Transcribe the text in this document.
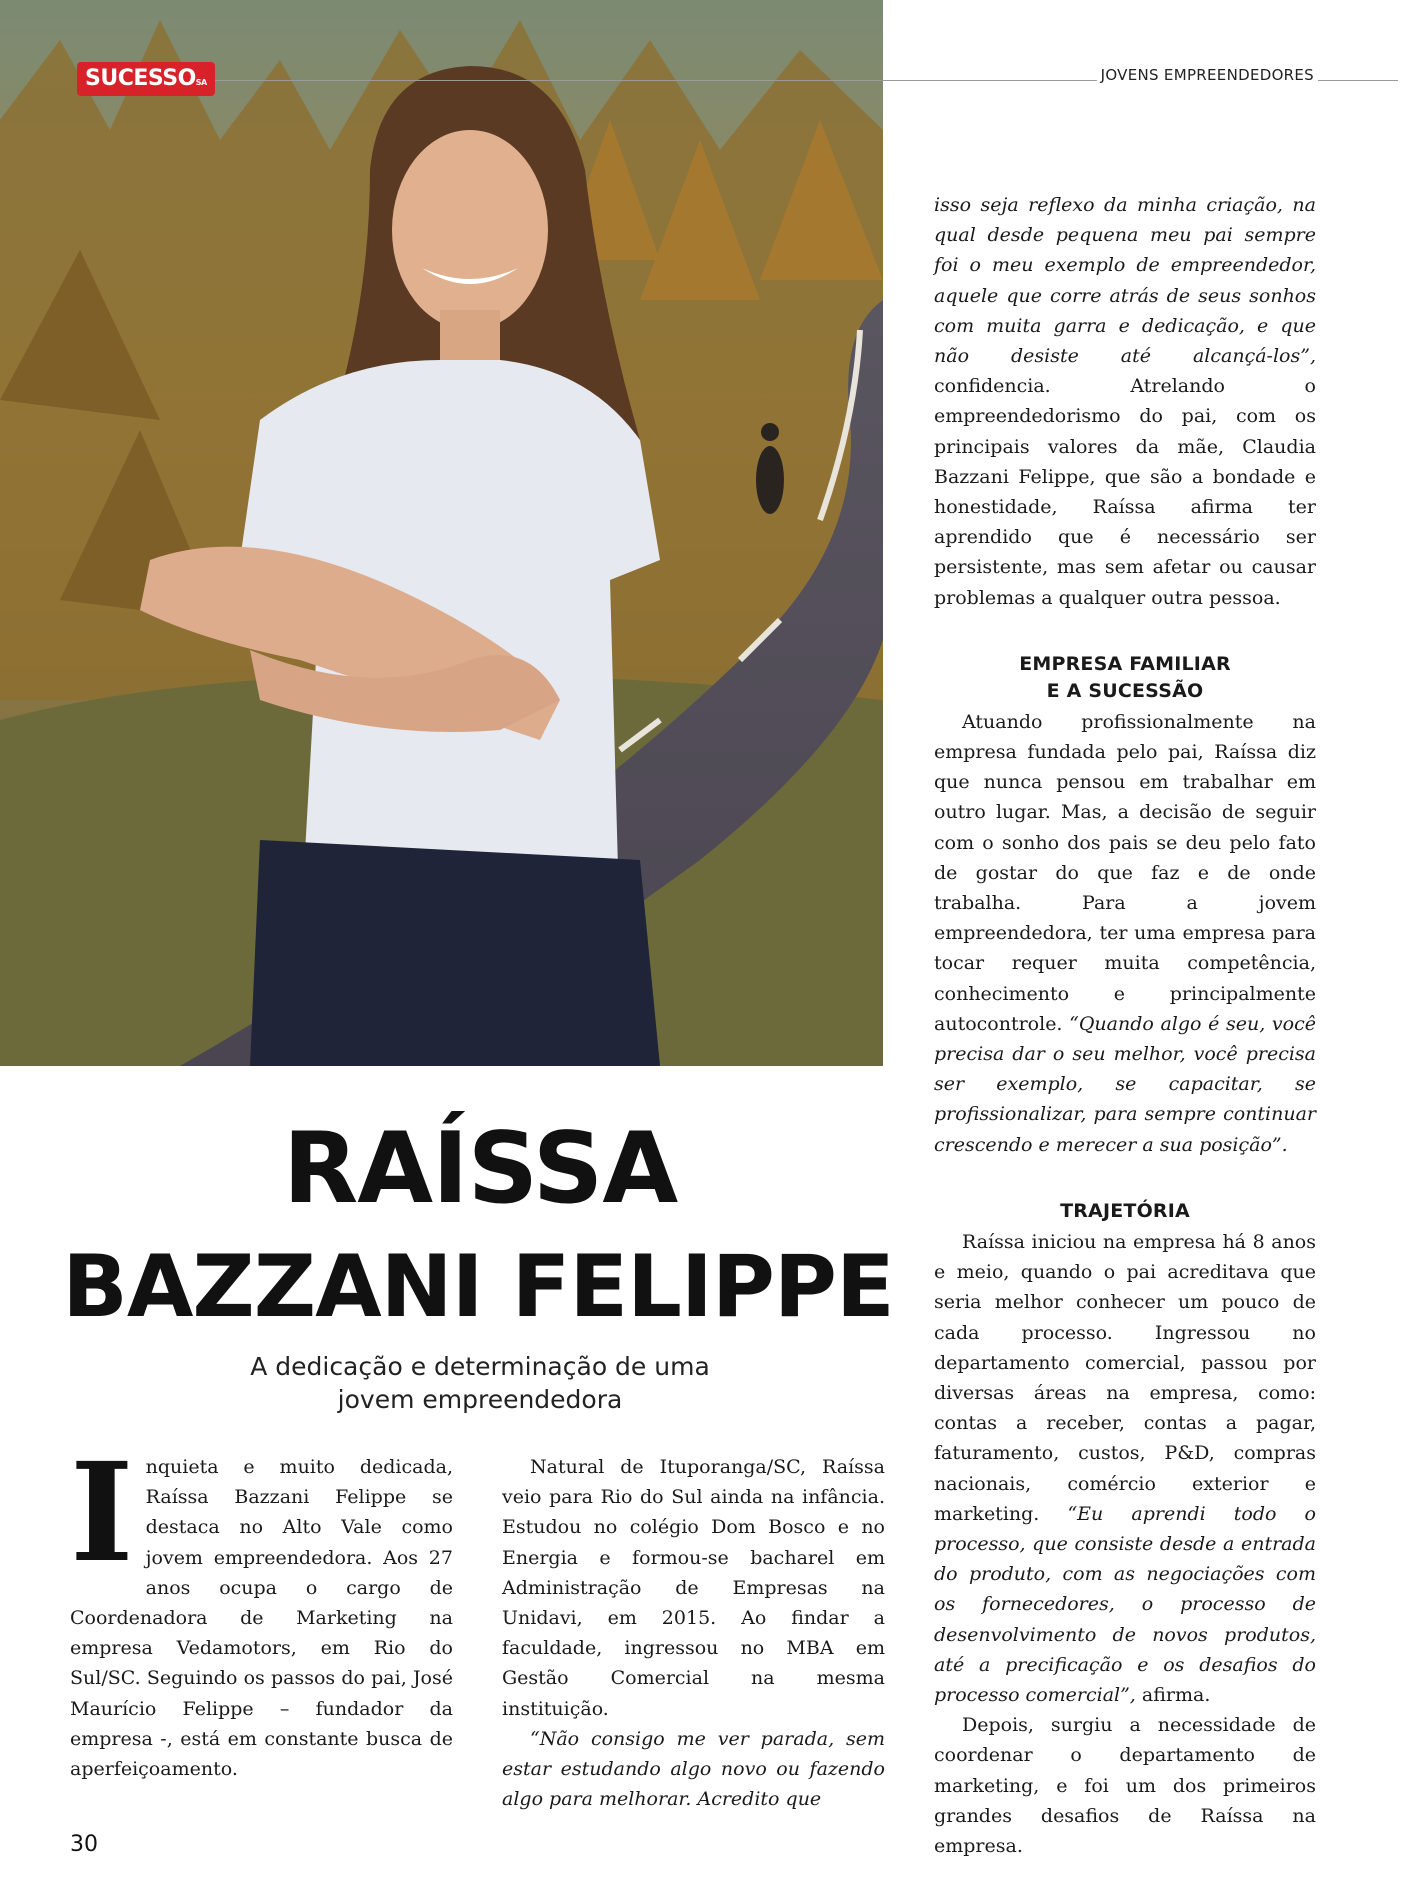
SUCESSOSA	JOVENS EMPREENDEDORES
RAÍSSA
BAZZANI FELIPPE
A dedicação e determinação de uma
jovem empreendedora

Inquieta e muito dedicada, Raíssa Bazzani Felippe se destaca no Alto Vale como jovem empreendedora. Aos 27 anos ocupa o cargo de Coordenadora de Marketing na empresa Vedamotors, em Rio do Sul/SC. Seguindo os passos do pai, José Maurício Felippe – fundador da empresa -, está em constante busca de aperfeiçoamento.

Natural de Ituporanga/SC, Raíssa veio para Rio do Sul ainda na infância. Estudou no colégio Dom Bosco e no Energia e formou-se bacharel em Administração de Empresas na Unidavi, em 2015. Ao findar a faculdade, ingressou no MBA em Gestão Comercial na mesma instituição.

“Não consigo me ver parada, sem estar estudando algo novo ou fazendo algo para melhorar. Acredito que

isso seja reflexo da minha criação, na qual desde pequena meu pai sempre foi o meu exemplo de empreendedor, aquele que corre atrás de seus sonhos com muita garra e dedicação, e que não desiste até alcançá-los”, confidencia. Atrelando o empreendedorismo do pai, com os principais valores da mãe, Claudia Bazzani Felippe, que são a bondade e honestidade, Raíssa afirma ter aprendido que é necessário ser persistente, mas sem afetar ou causar problemas a qualquer outra pessoa.

EMPRESA FAMILIAR
E A SUCESSÃO

Atuando profissionalmente na empresa fundada pelo pai, Raíssa diz que nunca pensou em trabalhar em outro lugar. Mas, a decisão de seguir com o sonho dos pais se deu pelo fato de gostar do que faz e de onde trabalha. Para a jovem empreendedora, ter uma empresa para tocar requer muita competência, conhecimento e principalmente autocontrole. “Quando algo é seu, você precisa dar o seu melhor, você precisa ser exemplo, se capacitar, se profissionalizar, para sempre continuar crescendo e merecer a sua posição”.

TRAJETÓRIA

Raíssa iniciou na empresa há 8 anos e meio, quando o pai acreditava que seria melhor conhecer um pouco de cada processo. Ingressou no departamento comercial, passou por diversas áreas na empresa, como: contas a receber, contas a pagar, faturamento, custos, P&D, compras nacionais, comércio exterior e marketing. “Eu aprendi todo o processo, que consiste desde a entrada do produto, com as negociações com os fornecedores, o processo de desenvolvimento de novos produtos, até a precificação e os desafios do processo comercial”, afirma.

Depois, surgiu a necessidade de coordenar o departamento de marketing, e foi um dos primeiros grandes desafios de Raíssa na empresa.

30
